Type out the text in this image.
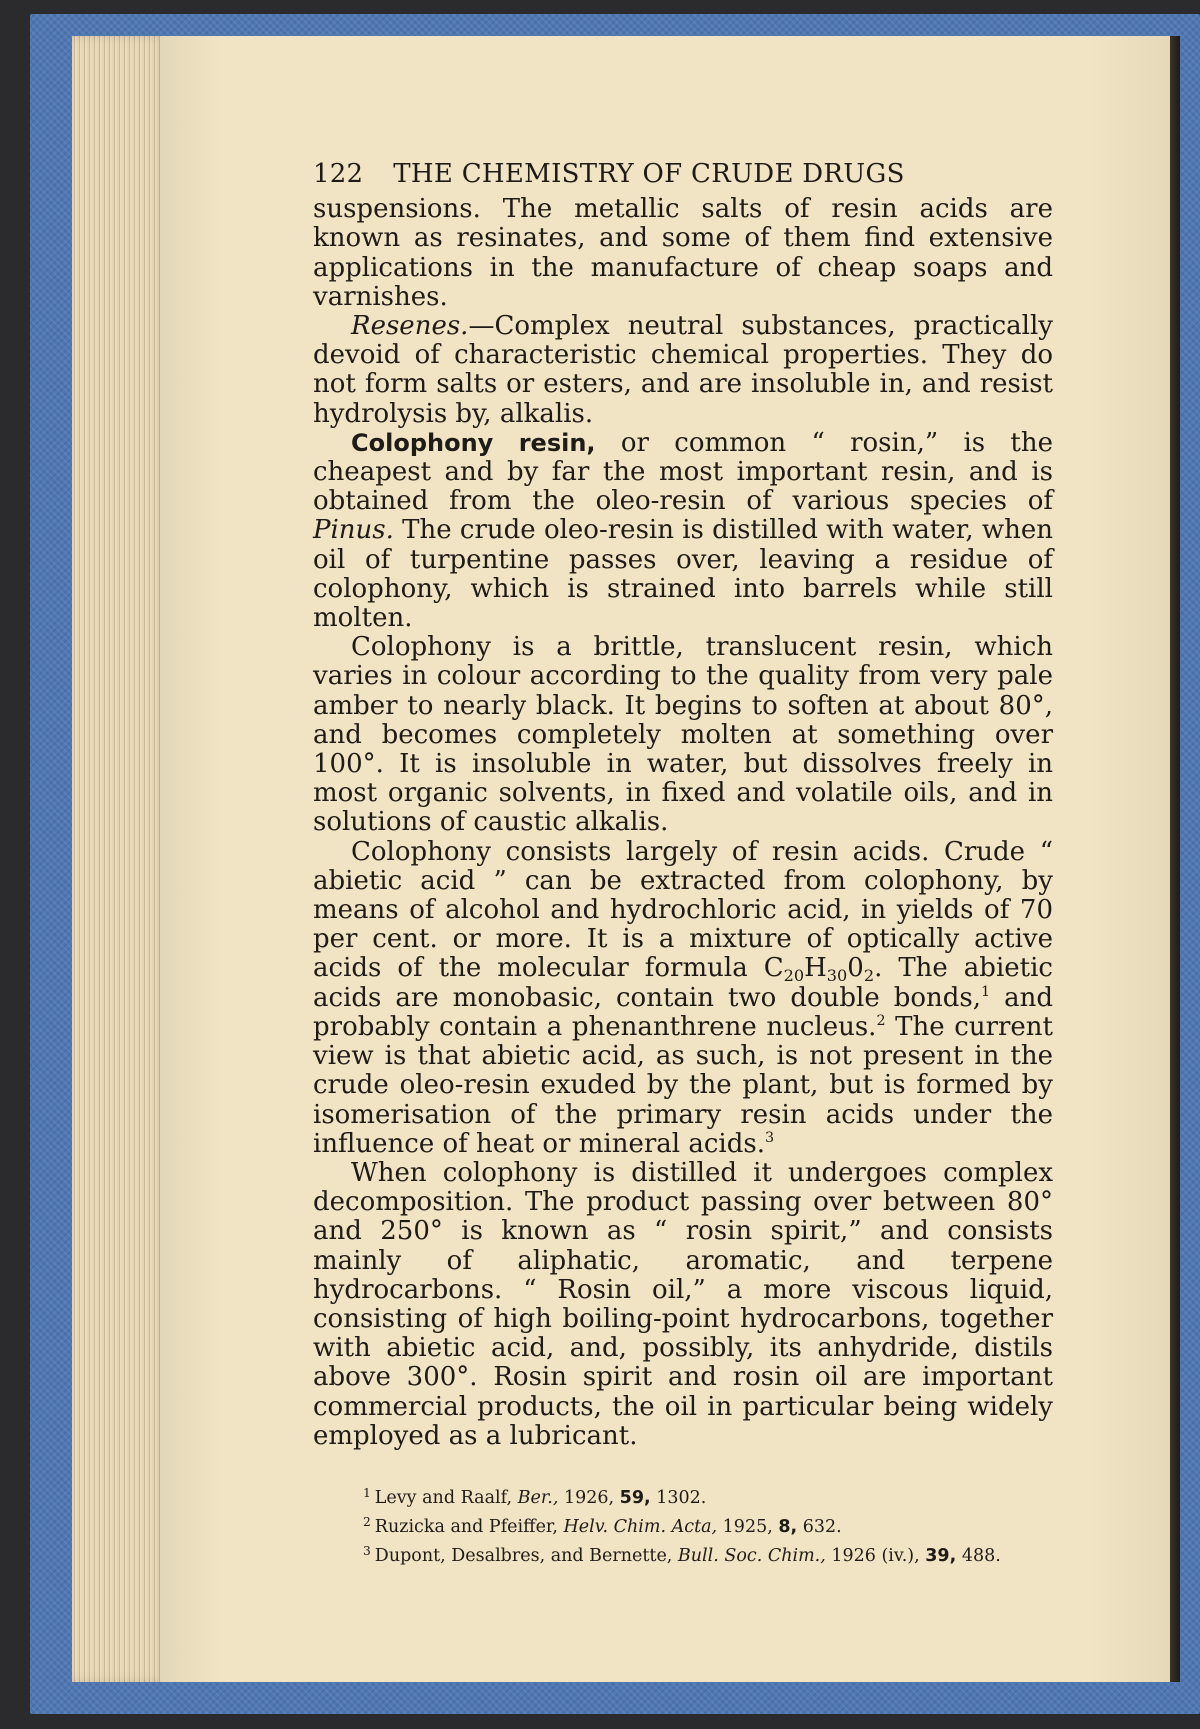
122 THE CHEMISTRY OF CRUDE DRUGS

suspensions. The metallic salts of resin acids are known as resinates, and some of them find extensive applications in the manufacture of cheap soaps and varnishes.

Resenes.—Complex neutral substances, practically devoid of characteristic chemical properties. They do not form salts or esters, and are insoluble in, and resist hydrolysis by, alkalis.

Colophony resin, or common “ rosin,” is the cheapest and by far the most important resin, and is obtained from the oleo-resin of various species of Pinus. The crude oleo-resin is distilled with water, when oil of turpentine passes over, leaving a residue of colophony, which is strained into barrels while still molten.

Colophony is a brittle, translucent resin, which varies in colour according to the quality from very pale amber to nearly black. It begins to soften at about 80°, and becomes completely molten at something over 100°. It is insoluble in water, but dissolves freely in most organic solvents, in fixed and volatile oils, and in solutions of caustic alkalis.

Colophony consists largely of resin acids. Crude “ abietic acid ” can be extracted from colophony, by means of alcohol and hydrochloric acid, in yields of 70 per cent. or more. It is a mixture of optically active acids of the molecular formula $C_{20}H_{30}0_2$. The abietic acids are monobasic, contain two double bonds,$^1$ and probably contain a phenanthrene nucleus.$^2$ The current view is that abietic acid, as such, is not present in the crude oleo-resin exuded by the plant, but is formed by isomerisation of the primary resin acids under the influence of heat or mineral acids.$^3$

When colophony is distilled it undergoes complex decomposition. The product passing over between 80° and 250° is known as “ rosin spirit,” and consists mainly of aliphatic, aromatic, and terpene hydrocarbons. “ Rosin oil,” a more viscous liquid, consisting of high boiling-point hydrocarbons, together with abietic acid, and, possibly, its anhydride, distils above 300°. Rosin spirit and rosin oil are important commercial products, the oil in particular being widely employed as a lubricant.

$^1$ Levy and Raalf, Ber., 1926, 59, 1302.
$^2$ Ruzicka and Pfeiffer, Helv. Chim. Acta, 1925, 8, 632.
$^3$ Dupont, Desalbres, and Bernette, Bull. Soc. Chim., 1926 (iv.), 39, 488.
